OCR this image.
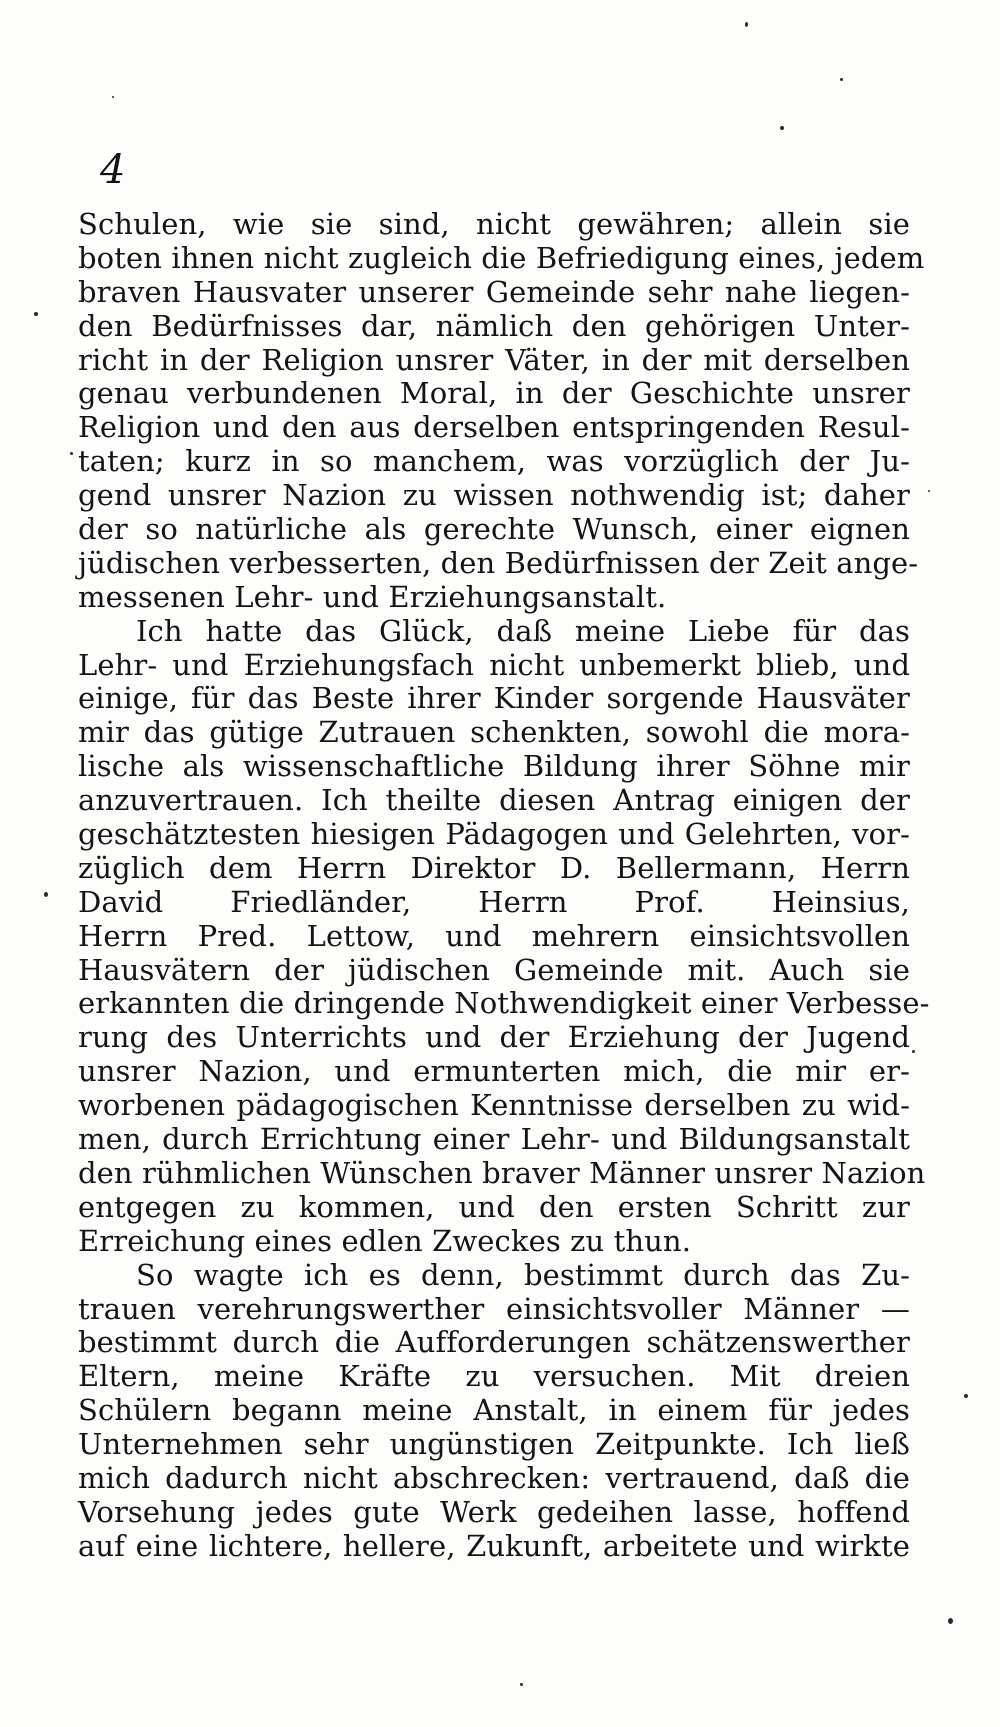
4
Schulen, wie sie sind, nicht gewähren; allein sie
boten ihnen nicht zugleich die Befriedigung eines, jedem
braven Hausvater unserer Gemeinde sehr nahe liegen-
den Bedürfnisses dar, nämlich den gehörigen Unter-
richt in der Religion unsrer Väter, in der mit derselben
genau verbundenen Moral, in der Geschichte unsrer
Religion und den aus derselben entspringenden Resul-
taten; kurz in so manchem, was vorzüglich der Ju-
gend unsrer Nazion zu wissen nothwendig ist; daher
der so natürliche als gerechte Wunsch, einer eignen
jüdischen verbesserten, den Bedürfnissen der Zeit ange-
messenen Lehr- und Erziehungsanstalt.
Ich hatte das Glück, daß meine Liebe für das
Lehr- und Erziehungsfach nicht unbemerkt blieb, und
einige, für das Beste ihrer Kinder sorgende Hausväter
mir das gütige Zutrauen schenkten, sowohl die mora-
lische als wissenschaftliche Bildung ihrer Söhne mir
anzuvertrauen. Ich theilte diesen Antrag einigen der
geschätztesten hiesigen Pädagogen und Gelehrten, vor-
züglich dem Herrn Direktor D. Bellermann, Herrn
David Friedländer, Herrn Prof. Heinsius,
Herrn Pred. Lettow, und mehrern einsichtsvollen
Hausvätern der jüdischen Gemeinde mit. Auch sie
erkannten die dringende Nothwendigkeit einer Verbesse-
rung des Unterrichts und der Erziehung der Jugend
unsrer Nazion, und ermunterten mich, die mir er-
worbenen pädagogischen Kenntnisse derselben zu wid-
men, durch Errichtung einer Lehr- und Bildungsanstalt
den rühmlichen Wünschen braver Männer unsrer Nazion
entgegen zu kommen, und den ersten Schritt zur
Erreichung eines edlen Zweckes zu thun.
So wagte ich es denn, bestimmt durch das Zu-
trauen verehrungswerther einsichtsvoller Männer —
bestimmt durch die Aufforderungen schätzenswerther
Eltern, meine Kräfte zu versuchen. Mit dreien
Schülern begann meine Anstalt, in einem für jedes
Unternehmen sehr ungünstigen Zeitpunkte. Ich ließ
mich dadurch nicht abschrecken: vertrauend, daß die
Vorsehung jedes gute Werk gedeihen lasse, hoffend
auf eine lichtere, hellere, Zukunft, arbeitete und wirkte
